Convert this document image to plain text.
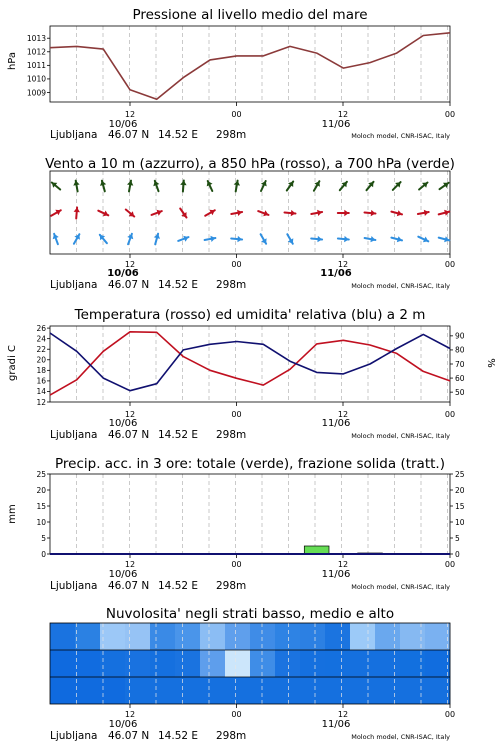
Pressione al livello medio del mare
hPa
1009
1010
1011
1012
1013
12	00	12	00
10/06	11/06
Ljubljana 46.07 N 14.52 E 298m	Moloch model, CNR-ISAC, Italy
Vento a 10 m (azzurro), a 850 hPa (rosso), a 700 hPa (verde)
12	00	12	00
10/06	11/06
Ljubljana 46.07 N 14.52 E 298m	Moloch model, CNR-ISAC, Italy
Temperatura (rosso) ed umidita' relativa (blu) a 2 m
gradi C	%
12
14
16
18
20
22
24
26
50
60
70
80
90
12	00	12	00
10/06	11/06
Ljubljana 46.07 N 14.52 E 298m	Moloch model, CNR-ISAC, Italy
Precip. acc. in 3 ore: totale (verde), frazione solida (tratt.)
mm
0
5
10
15
20
25
0
5
10
15
20
25
12	00	12	00
10/06	11/06
Ljubljana 46.07 N 14.52 E 298m	Moloch model, CNR-ISAC, Italy
Nuvolosita' negli strati basso, medio e alto
12	00	12	00
10/06	11/06
Ljubljana 46.07 N 14.52 E 298m	Moloch model, CNR-ISAC, Italy
